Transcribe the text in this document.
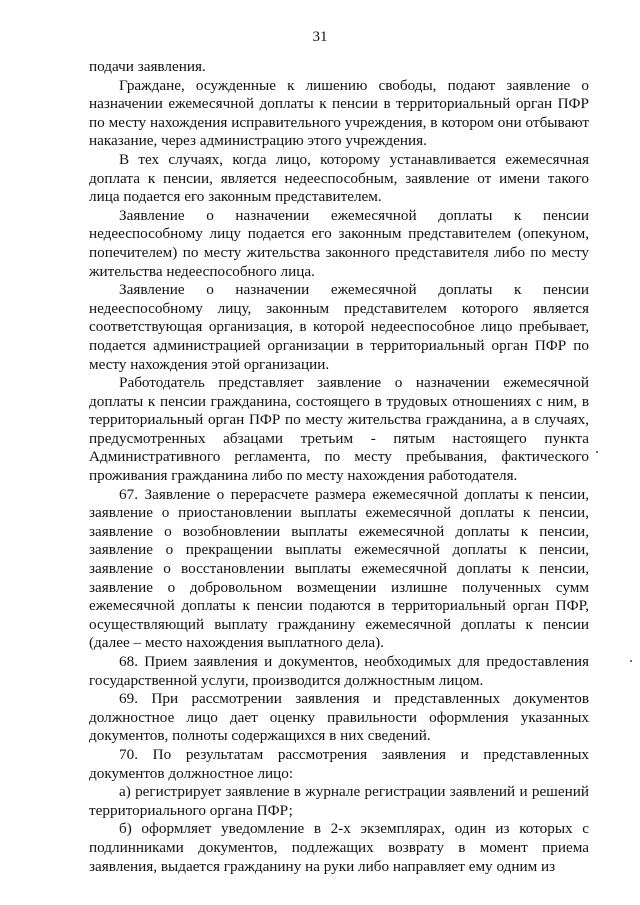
31

подачи заявления.

Граждане, осужденные к лишению свободы, подают заявление о назначении ежемесячной доплаты к пенсии в территориальный орган ПФР по месту нахождения исправительного учреждения, в котором они отбывают наказание, через администрацию этого учреждения.

В тех случаях, когда лицо, которому устанавливается ежемесячная доплата к пенсии, является недееспособным, заявление от имени такого лица подается его законным представителем.

Заявление о назначении ежемесячной доплаты к пенсии недееспособному лицу подается его законным представителем (опекуном, попечителем) по месту жительства законного представителя либо по месту жительства недееспособного лица.

Заявление о назначении ежемесячной доплаты к пенсии недееспособному лицу, законным представителем которого является соответствующая организация, в которой недееспособное лицо пребывает, подается администрацией организации в территориальный орган ПФР по месту нахождения этой организации.

Работодатель представляет заявление о назначении ежемесячной доплаты к пенсии гражданина, состоящего в трудовых отношениях с ним, в территориальный орган ПФР по месту жительства гражданина, а в случаях, предусмотренных абзацами третьим - пятым настоящего пункта Административного регламента, по месту пребывания, фактического проживания гражданина либо по месту нахождения работодателя.

67. Заявление о перерасчете размера ежемесячной доплаты к пенсии, заявление о приостановлении выплаты ежемесячной доплаты к пенсии, заявление о возобновлении выплаты ежемесячной доплаты к пенсии, заявление о прекращении выплаты ежемесячной доплаты к пенсии, заявление о восстановлении выплаты ежемесячной доплаты к пенсии, заявление о добровольном возмещении излишне полученных сумм ежемесячной доплаты к пенсии подаются в территориальный орган ПФР, осуществляющий выплату гражданину ежемесячной доплаты к пенсии (далее – место нахождения выплатного дела).

68. Прием заявления и документов, необходимых для предоставления государственной услуги, производится должностным лицом.

69. При рассмотрении заявления и представленных документов должностное лицо дает оценку правильности оформления указанных документов, полноты содержащихся в них сведений.

70. По результатам рассмотрения заявления и представленных документов должностное лицо:

а) регистрирует заявление в журнале регистрации заявлений и решений территориального органа ПФР;

б) оформляет уведомление в 2-х экземплярах, один из которых с подлинниками документов, подлежащих возврату в момент приема заявления, выдается гражданину на руки либо направляет ему одним из
